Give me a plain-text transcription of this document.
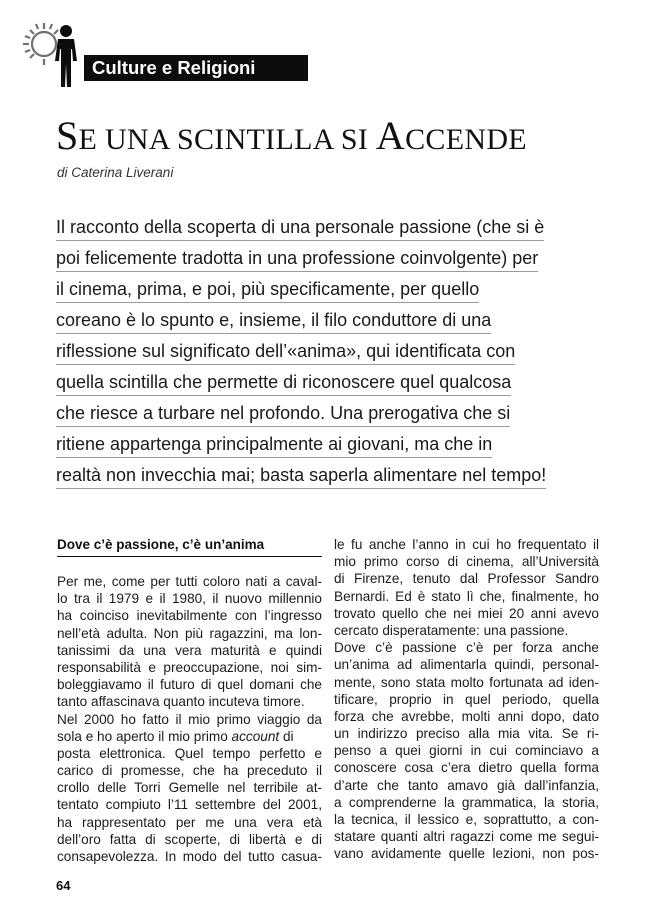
Culture e Religioni
SE UNA SCINTILLA SI ACCENDE
di Caterina Liverani
Il racconto della scoperta di una personale passione (che si è
poi felicemente tradotta in una professione coinvolgente) per
il cinema, prima, e poi, più specificamente, per quello
coreano è lo spunto e, insieme, il filo conduttore di una
riflessione sul significato dell’«anima», qui identificata con
quella scintilla che permette di riconoscere quel qualcosa
che riesce a turbare nel profondo. Una prerogativa che si
ritiene appartenga principalmente ai giovani, ma che in
realtà non invecchia mai; basta saperla alimentare nel tempo!
Dove c’è passione, c’è un’anima
Per me, come per tutti coloro nati a caval-
lo tra il 1979 e il 1980, il nuovo millennio
ha coinciso inevitabilmente con l’ingresso
nell’età adulta. Non più ragazzini, ma lon-
tanissimi da una vera maturità e quindi
responsabilità e preoccupazione, noi sim-
boleggiavamo il futuro di quel domani che
tanto affascinava quanto incuteva timore.
Nel 2000 ho fatto il mio primo viaggio da
sola e ho aperto il mio primo account di
posta elettronica. Quel tempo perfetto e
carico di promesse, che ha preceduto il
crollo delle Torri Gemelle nel terribile at-
tentato compiuto l’11 settembre del 2001,
ha rappresentato per me una vera età
dell’oro fatta di scoperte, di libertà e di
consapevolezza. In modo del tutto casua-
le fu anche l’anno in cui ho frequentato il
mio primo corso di cinema, all’Università
di Firenze, tenuto dal Professor Sandro
Bernardi. Ed è stato lì che, finalmente, ho
trovato quello che nei miei 20 anni avevo
cercato disperatamente: una passione.
Dove c’è passione c’è per forza anche
un’anima ad alimentarla quindi, personal-
mente, sono stata molto fortunata ad iden-
tificare, proprio in quel periodo, quella
forza che avrebbe, molti anni dopo, dato
un indirizzo preciso alla mia vita. Se ri-
penso a quei giorni in cui cominciavo a
conoscere cosa c’era dietro quella forma
d’arte che tanto amavo già dall’infanzia,
a comprenderne la grammatica, la storia,
la tecnica, il lessico e, soprattutto, a con-
statare quanti altri ragazzi come me segui-
vano avidamente quelle lezioni, non pos-
64
